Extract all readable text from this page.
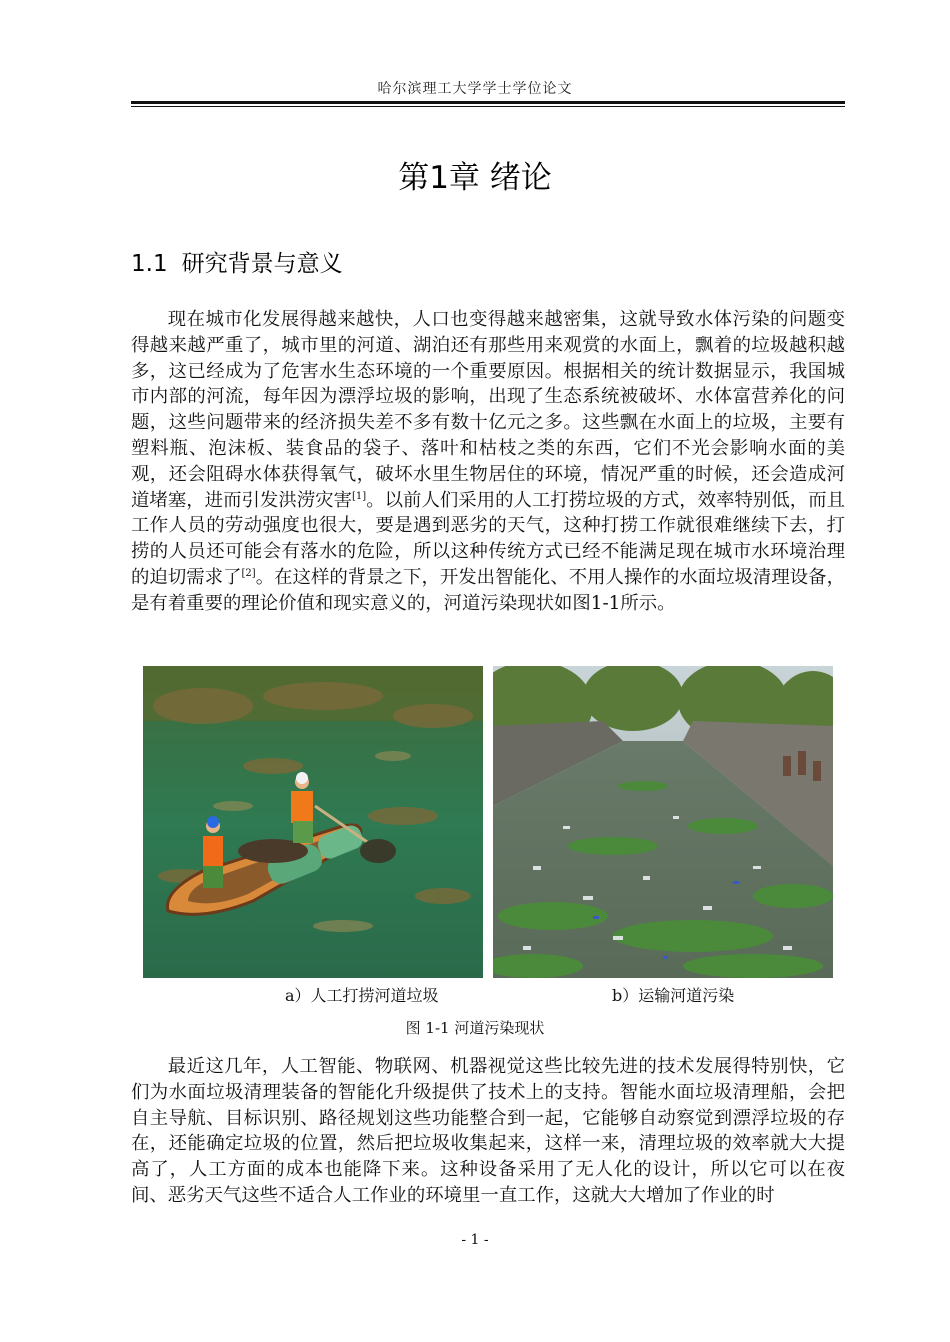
哈尔滨理工大学学士学位论文
第1章 绪论
1.1 研究背景与意义

现在城市化发展得越来越快，人口也变得越来越密集，这就导致水体污染的问题变得越来越严重了，城市里的河道、湖泊还有那些用来观赏的水面上，飘着的垃圾越积越多，这已经成为了危害水生态环境的一个重要原因。根据相关的统计数据显示，我国城市内部的河流，每年因为漂浮垃圾的影响，出现了生态系统被破坏、水体富营养化的问题，这些问题带来的经济损失差不多有数十亿元之多。这些飘在水面上的垃圾，主要有塑料瓶、泡沫板、装食品的袋子、落叶和枯枝之类的东西，它们不光会影响水面的美观，还会阻碍水体获得氧气，破坏水里生物居住的环境，情况严重的时候，还会造成河道堵塞，进而引发洪涝灾害[1]。以前人们采用的人工打捞垃圾的方式，效率特别低，而且工作人员的劳动强度也很大，要是遇到恶劣的天气，这种打捞工作就很难继续下去，打捞的人员还可能会有落水的危险，所以这种传统方式已经不能满足现在城市水环境治理的迫切需求了[2]。在这样的背景之下，开发出智能化、不用人操作的水面垃圾清理设备，是有着重要的理论价值和现实意义的，河道污染现状如图1-1所示。

a）人工打捞河道垃圾	b）运输河道污染
图 1-1 河道污染现状

最近这几年，人工智能、物联网、机器视觉这些比较先进的技术发展得特别快，它们为水面垃圾清理装备的智能化升级提供了技术上的支持。智能水面垃圾清理船，会把自主导航、目标识别、路径规划这些功能整合到一起，它能够自动察觉到漂浮垃圾的存在，还能确定垃圾的位置，然后把垃圾收集起来，这样一来，清理垃圾的效率就大大提高了，人工方面的成本也能降下来。这种设备采用了无人化的设计，所以它可以在夜间、恶劣天气这些不适合人工作业的环境里一直工作，这就大大增加了作业的时

- 1 -
